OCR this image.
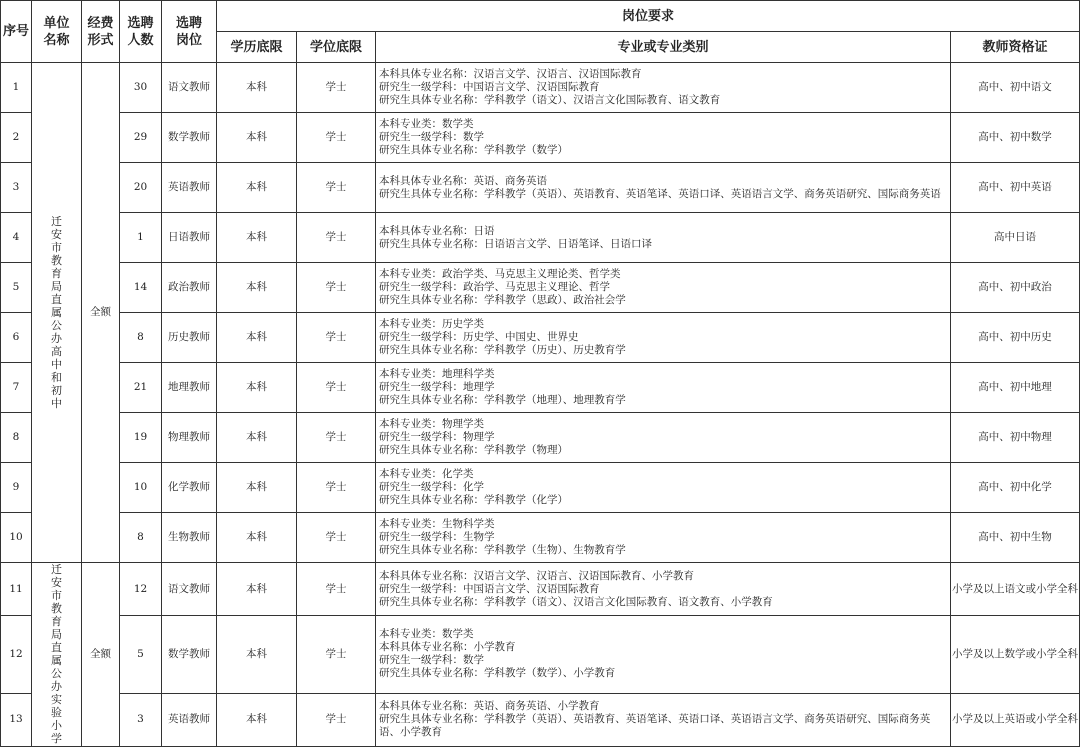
序号	单位名称	经费形式	选聘人数	选聘岗位	岗位要求			
					学历底限	学位底限	专业或专业类别	教师资格证
1	迁安市教育局直属公办高中和初中	全额	30	语文教师	本科	学士	本科具体专业名称：汉语言文学、汉语言、汉语国际教育
研究生一级学科：中国语言文学、汉语国际教育
研究生具体专业名称：学科教学（语文）、汉语言文化国际教育、语文教育	高中、初中语文
2			29	数学教师	本科	学士	本科专业类：数学类
研究生一级学科：数学
研究生具体专业名称：学科教学（数学）	高中、初中数学
3			20	英语教师	本科	学士	本科具体专业名称：英语、商务英语
研究生具体专业名称：学科教学（英语）、英语教育、英语笔译、英语口译、英语语言文学、商务英语研究、国际商务英语	高中、初中英语
4			1	日语教师	本科	学士	本科具体专业名称：日语
研究生具体专业名称：日语语言文学、日语笔译、日语口译	高中日语
5			14	政治教师	本科	学士	本科专业类：政治学类、马克思主义理论类、哲学类
研究生一级学科：政治学、马克思主义理论、哲学
研究生具体专业名称：学科教学（思政）、政治社会学	高中、初中政治
6			8	历史教师	本科	学士	本科专业类：历史学类
研究生一级学科：历史学、中国史、世界史
研究生具体专业名称：学科教学（历史）、历史教育学	高中、初中历史
7			21	地理教师	本科	学士	本科专业类：地理科学类
研究生一级学科：地理学
研究生具体专业名称：学科教学（地理）、地理教育学	高中、初中地理
8			19	物理教师	本科	学士	本科专业类：物理学类
研究生一级学科：物理学
研究生具体专业名称：学科教学（物理）	高中、初中物理
9			10	化学教师	本科	学士	本科专业类：化学类
研究生一级学科：化学
研究生具体专业名称：学科教学（化学）	高中、初中化学
10			8	生物教师	本科	学士	本科专业类：生物科学类
研究生一级学科：生物学
研究生具体专业名称：学科教学（生物）、生物教育学	高中、初中生物
11	迁安市教育局直属公办实验小学	全额	12	语文教师	本科	学士	本科具体专业名称：汉语言文学、汉语言、汉语国际教育、小学教育
研究生一级学科：中国语言文学、汉语国际教育
研究生具体专业名称：学科教学（语文）、汉语言文化国际教育、语文教育、小学教育	小学及以上语文或小学全科
12			5	数学教师	本科	学士	本科专业类：数学类
本科具体专业名称：小学教育
研究生一级学科：数学
研究生具体专业名称：学科教学（数学）、小学教育	小学及以上数学或小学全科
13			3	英语教师	本科	学士	本科具体专业名称：英语、商务英语、小学教育
研究生具体专业名称：学科教学（英语）、英语教育、英语笔译、英语口译、英语语言文学、商务英语研究、国际商务英语、小学教育	小学及以上英语或小学全科
